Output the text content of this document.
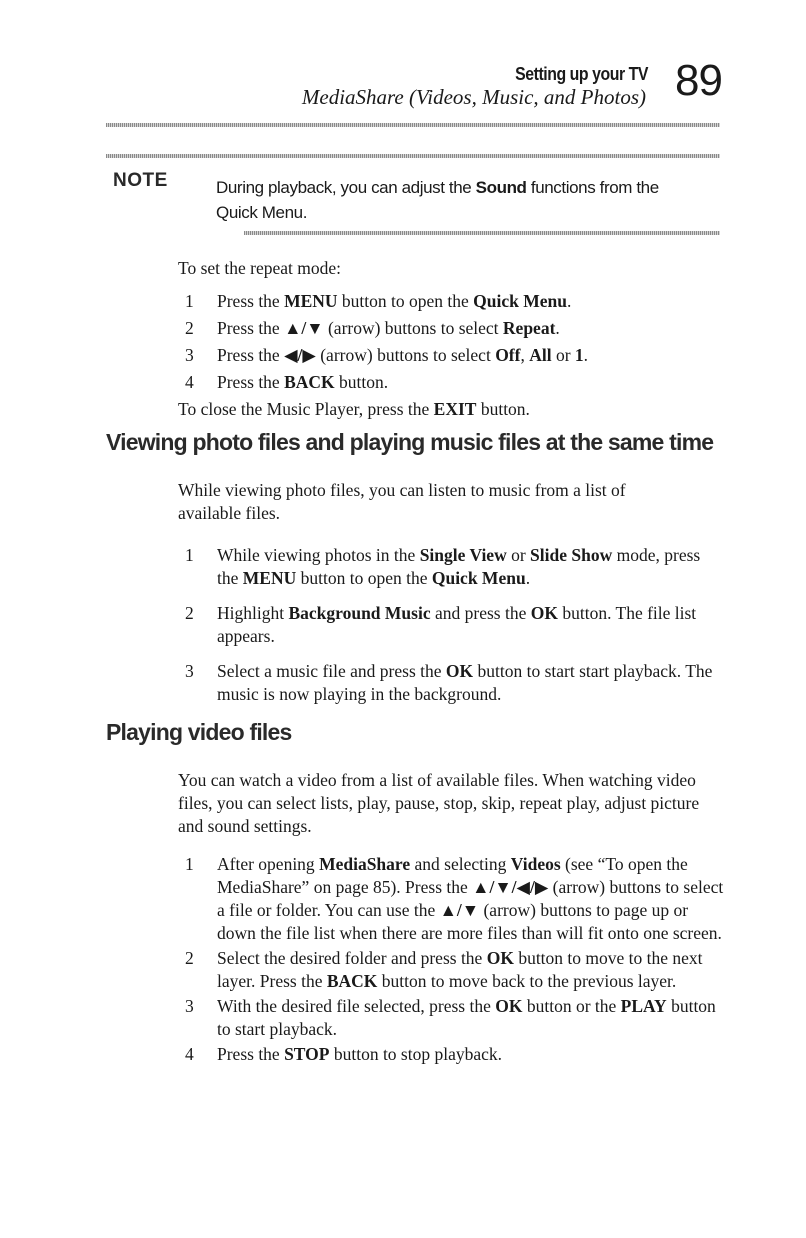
Setting up your TV
MediaShare (Videos, Music, and Photos) 89
NOTE	During playback, you can adjust the Sound functions from the Quick Menu.
To set the repeat mode:
1 Press the MENU button to open the Quick Menu.
2 Press the ▲/▼ (arrow) buttons to select Repeat.
3 Press the ◀/▶ (arrow) buttons to select Off, All or 1.
4 Press the BACK button.
To close the Music Player, press the EXIT button.
Viewing photo files and playing music files at the same time
While viewing photo files, you can listen to music from a list of available files.
1 While viewing photos in the Single View or Slide Show mode, press the MENU button to open the Quick Menu.
2 Highlight Background Music and press the OK button. The file list appears.
3 Select a music file and press the OK button to start start playback. The music is now playing in the background.
Playing video files
You can watch a video from a list of available files. When watching video files, you can select lists, play, pause, stop, skip, repeat play, adjust picture and sound settings.
1 After opening MediaShare and selecting Videos (see “To open the MediaShare” on page 85). Press the ▲/▼/◀/▶ (arrow) buttons to select a file or folder. You can use the ▲/▼ (arrow) buttons to page up or down the file list when there are more files than will fit onto one screen.
2 Select the desired folder and press the OK button to move to the next layer. Press the BACK button to move back to the previous layer.
3 With the desired file selected, press the OK button or the PLAY button to start playback.
4 Press the STOP button to stop playback.
